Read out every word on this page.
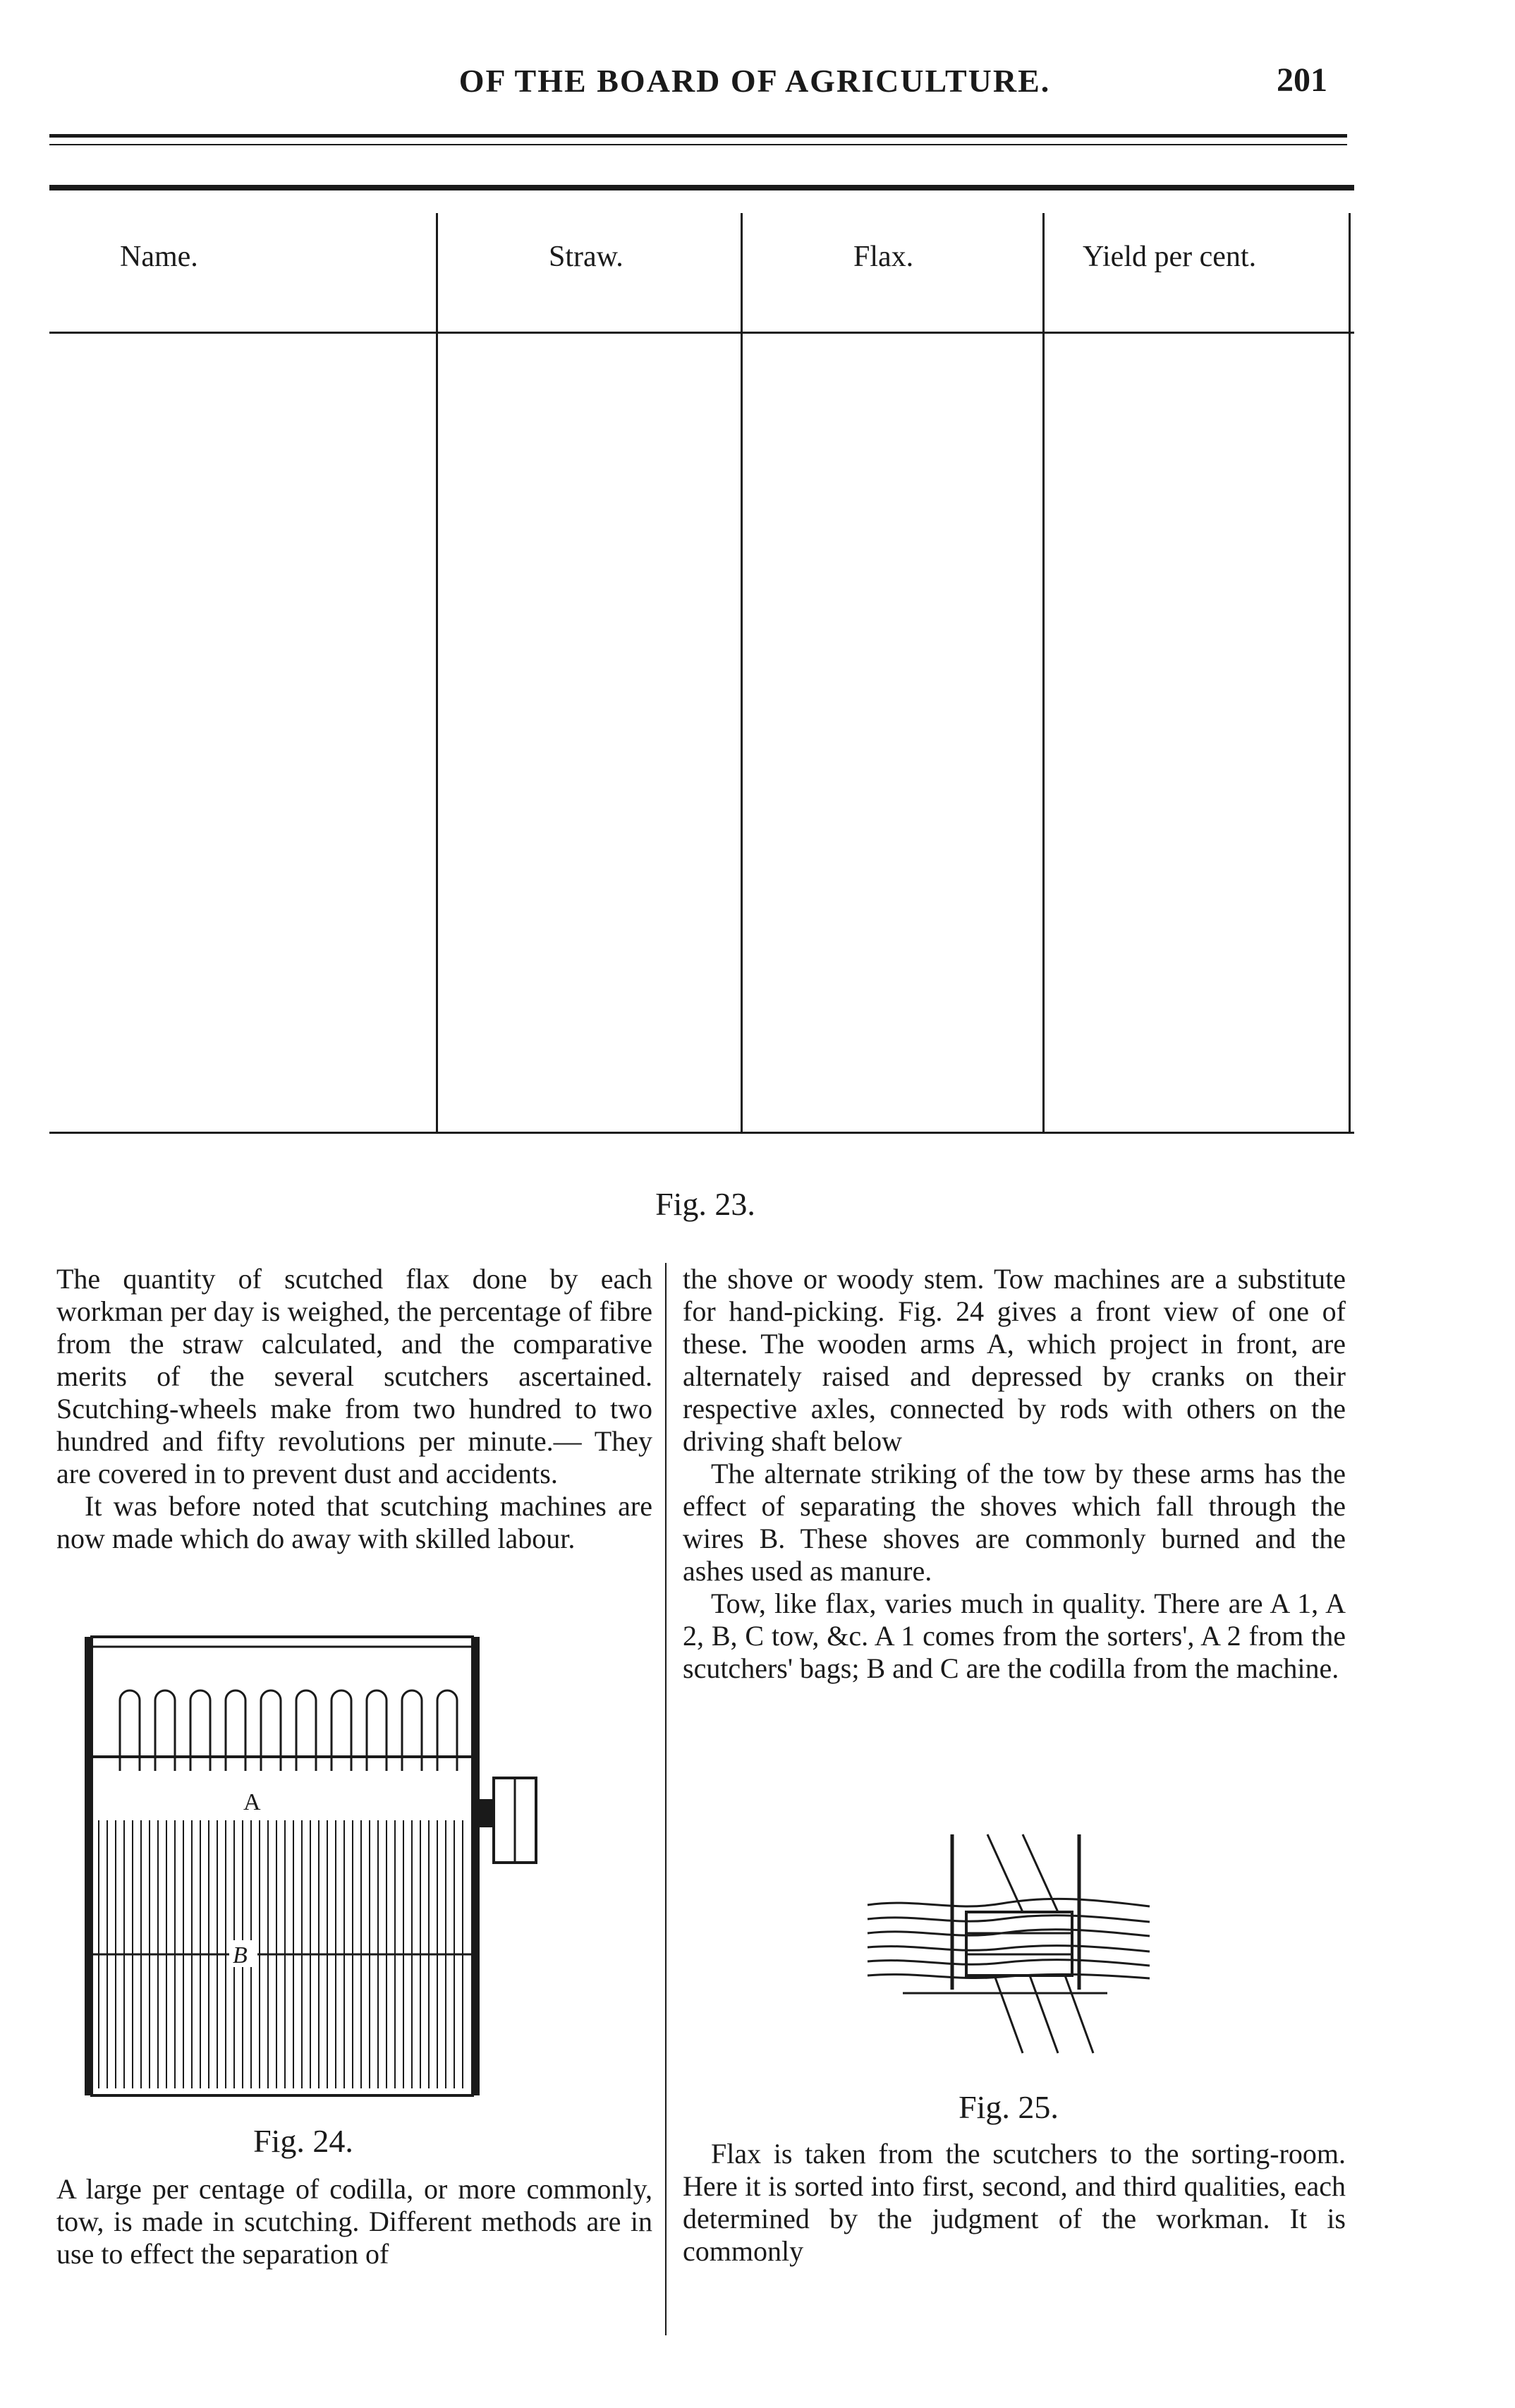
OF THE BOARD OF AGRICULTURE.	201
Name.	Straw.	Flax.	Yield per cent.
Fig. 23.

The quantity of scutched flax done by each workman per day is weighed, the percentage of fibre from the straw calculated, and the comparative merits of the several scutchers ascertained. Scutching-wheels make from two hundred to two hundred and fifty revolutions per minute.— They are covered in to prevent dust and accidents.

It was before noted that scutching machines are now made which do away with skilled labour.

A
B
Fig. 24.

A large per centage of codilla, or more commonly, tow, is made in scutching. Different methods are in use to effect the separation of

the shove or woody stem. Tow machines are a substitute for hand-picking. Fig. 24 gives a front view of one of these. The wooden arms A, which project in front, are alternately raised and depressed by cranks on their respective axles, connected by rods with others on the driving shaft below

The alternate striking of the tow by these arms has the effect of separating the shoves which fall through the wires B. These shoves are commonly burned and the ashes used as manure.

Tow, like flax, varies much in quality. There are A 1, A 2, B, C tow, &c. A 1 comes from the sorters', A 2 from the scutchers' bags; B and C are the codilla from the machine.

Fig. 25.

Flax is taken from the scutchers to the sorting-room. Here it is sorted into first, second, and third qualities, each determined by the judgment of the workman. It is commonly
